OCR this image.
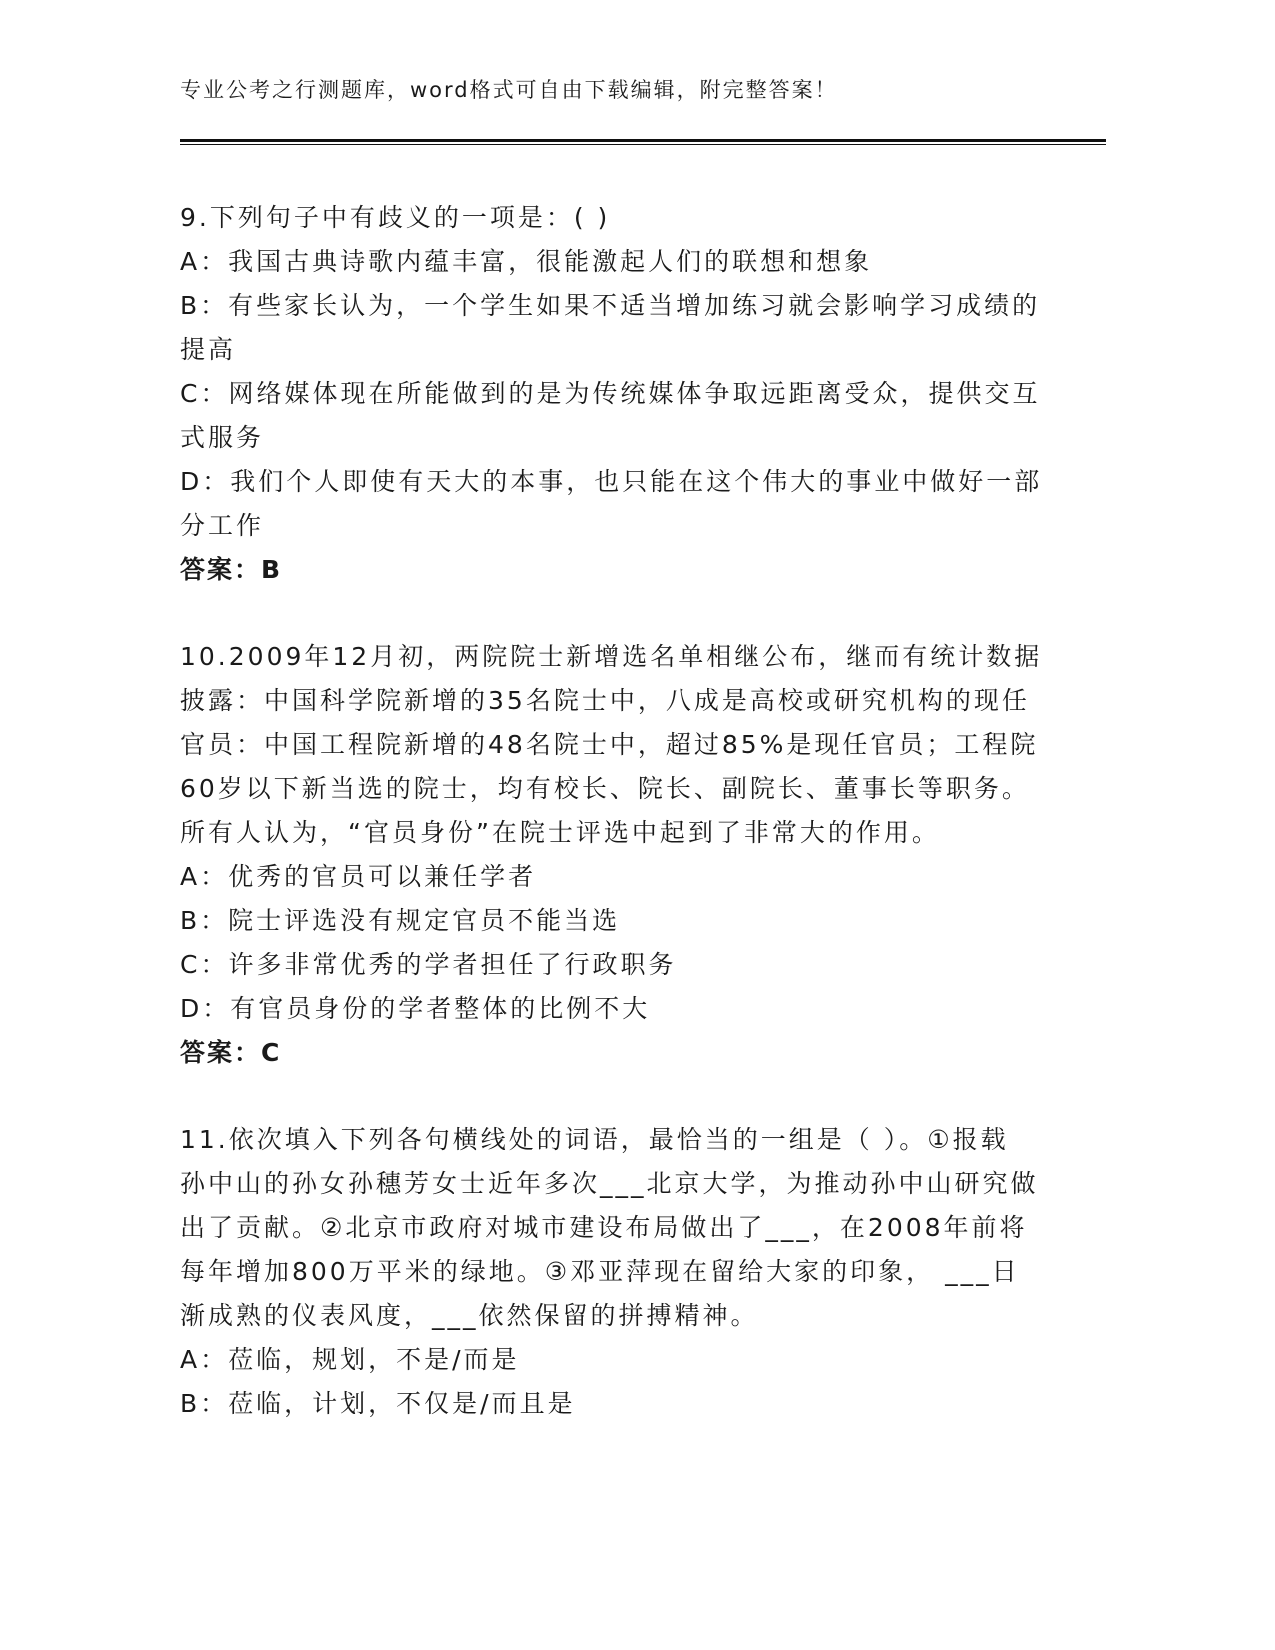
专业公考之行测题库，word格式可自由下载编辑，附完整答案！
9.下列句子中有歧义的一项是：( )
A：我国古典诗歌内蕴丰富，很能激起人们的联想和想象
B：有些家长认为，一个学生如果不适当增加练习就会影响学习成绩的
提高
C：网络媒体现在所能做到的是为传统媒体争取远距离受众，提供交互
式服务
D：我们个人即使有天大的本事，也只能在这个伟大的事业中做好一部
分工作
答案：B
10.2009年12月初，两院院士新增选名单相继公布，继而有统计数据
披露：中国科学院新增的35名院士中，八成是高校或研究机构的现任
官员：中国工程院新增的48名院士中，超过85%是现任官员；工程院
60岁以下新当选的院士，均有校长、院长、副院长、董事长等职务。
所有人认为，“官员身份”在院士评选中起到了非常大的作用。
A：优秀的官员可以兼任学者
B：院士评选没有规定官员不能当选
C：许多非常优秀的学者担任了行政职务
D：有官员身份的学者整体的比例不大
答案：C
11.依次填入下列各句横线处的词语，最恰当的一组是（ ）。①报载
孙中山的孙女孙穗芳女士近年多次___北京大学，为推动孙中山研究做
出了贡献。②北京市政府对城市建设布局做出了___，在2008年前将
每年增加800万平米的绿地。③邓亚萍现在留给大家的印象， ___日
渐成熟的仪表风度，___依然保留的拼搏精神。
A：莅临，规划，不是/而是
B：莅临，计划，不仅是/而且是
